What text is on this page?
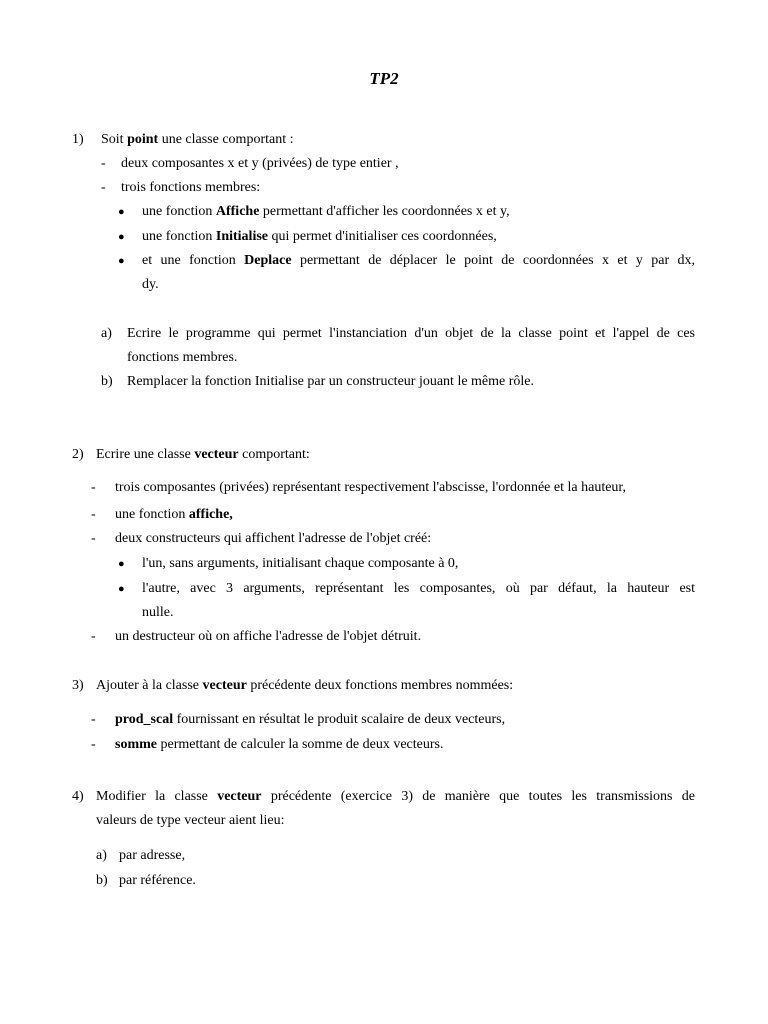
TP2
1) Soit point une classe comportant :
- deux composantes x et y (privées) de type entier ,
- trois fonctions membres:
● une fonction Affiche permettant d'afficher les coordonnées x et y,
● une fonction Initialise qui permet d'initialiser ces coordonnées,
● et une fonction Deplace permettant de déplacer le point de coordonnées x et y par dx,
dy.
a) Ecrire le programme qui permet l'instanciation d'un objet de la classe point et l'appel de ces
fonctions membres.
b) Remplacer la fonction Initialise par un constructeur jouant le même rôle.
2) Ecrire une classe vecteur comportant:
- trois composantes (privées) représentant respectivement l'abscisse, l'ordonnée et la hauteur,
- une fonction affiche,
- deux constructeurs qui affichent l'adresse de l'objet créé:
● l'un, sans arguments, initialisant chaque composante à 0,
● l'autre, avec 3 arguments, représentant les composantes, où par défaut, la hauteur est
nulle.
- un destructeur où on affiche l'adresse de l'objet détruit.
3) Ajouter à la classe vecteur précédente deux fonctions membres nommées:
- prod_scal fournissant en résultat le produit scalaire de deux vecteurs,
- somme permettant de calculer la somme de deux vecteurs.
4) Modifier la classe vecteur précédente (exercice 3) de manière que toutes les transmissions de
valeurs de type vecteur aient lieu:
a) par adresse,
b) par référence.
